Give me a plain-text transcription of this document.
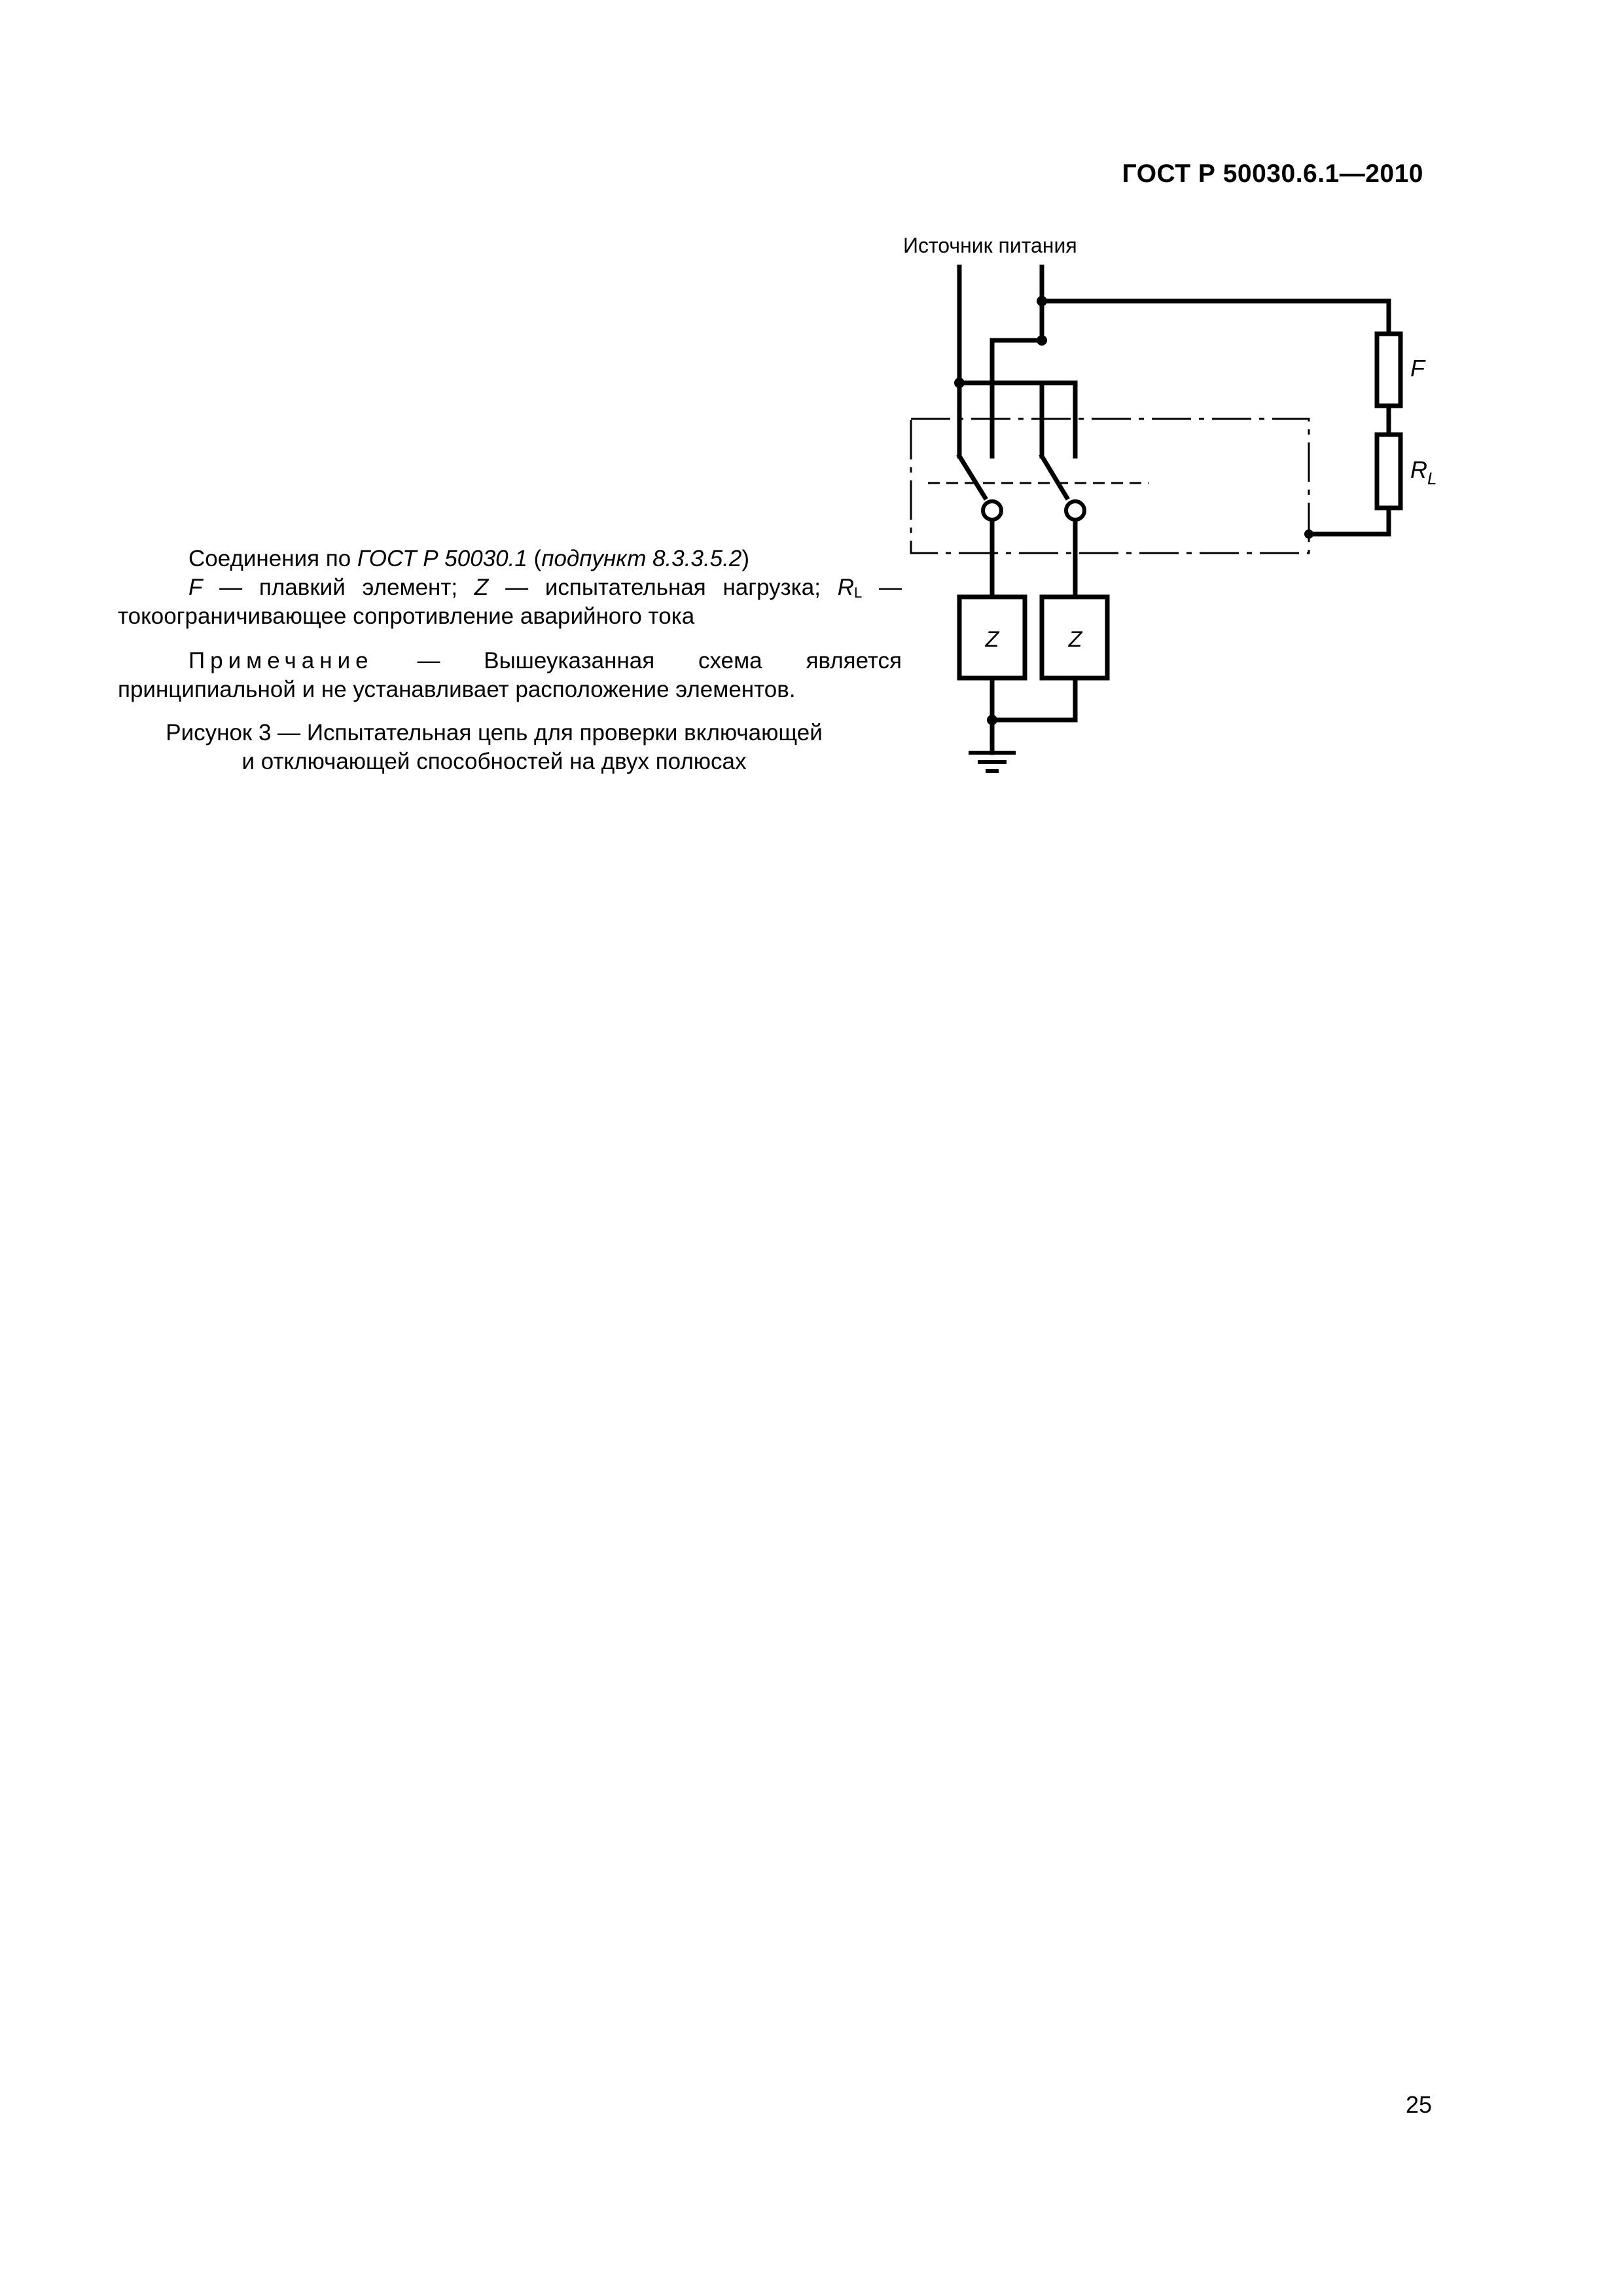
ГОСТ Р 50030.6.1—2010
Источник питания
F
$R_L$
Z	Z

Соединения по ГОСТ Р 50030.1 (подпункт 8.3.3.5.2)

F — плавкий элемент; Z — испытательная нагрузка; $R_L$ — токоограничивающее сопротивление аварийного тока

Примечание — Вышеуказанная схема является принципиальной и не устанавливает расположение элементов.

Рисунок 3 — Испытательная цепь для проверки включающей
и отключающей способностей на двух полюсах

25
